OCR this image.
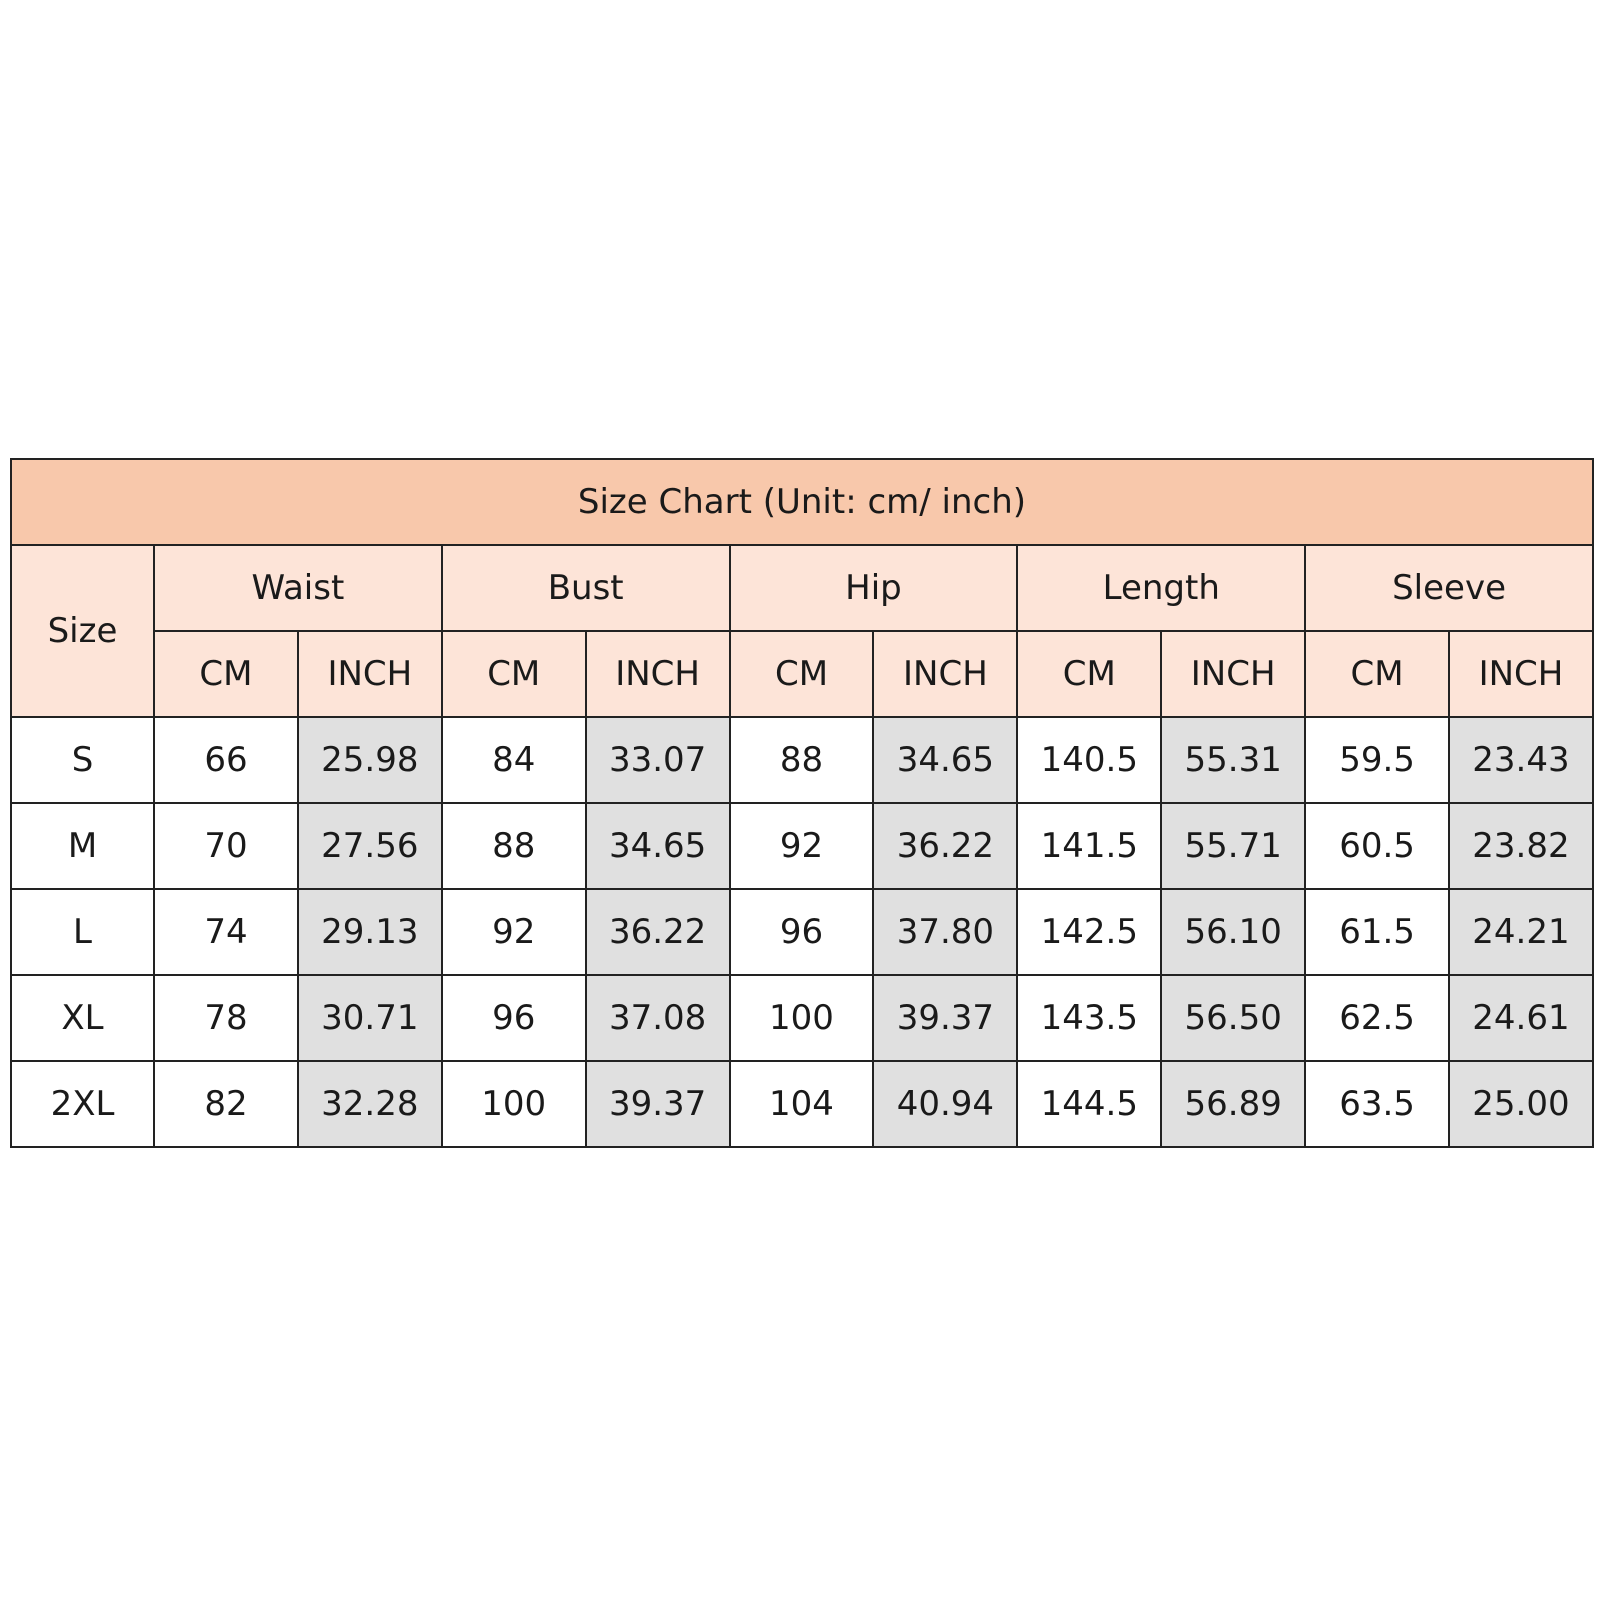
Size Chart (Unit: cm/ inch)										
Size	Waist		Bust		Hip		Length		Sleeve	
	CM	INCH	CM	INCH	CM	INCH	CM	INCH	CM	INCH
S	66	25.98	84	33.07	88	34.65	140.5	55.31	59.5	23.43
M	70	27.56	88	34.65	92	36.22	141.5	55.71	60.5	23.82
L	74	29.13	92	36.22	96	37.80	142.5	56.10	61.5	24.21
XL	78	30.71	96	37.08	100	39.37	143.5	56.50	62.5	24.61
2XL	82	32.28	100	39.37	104	40.94	144.5	56.89	63.5	25.00
